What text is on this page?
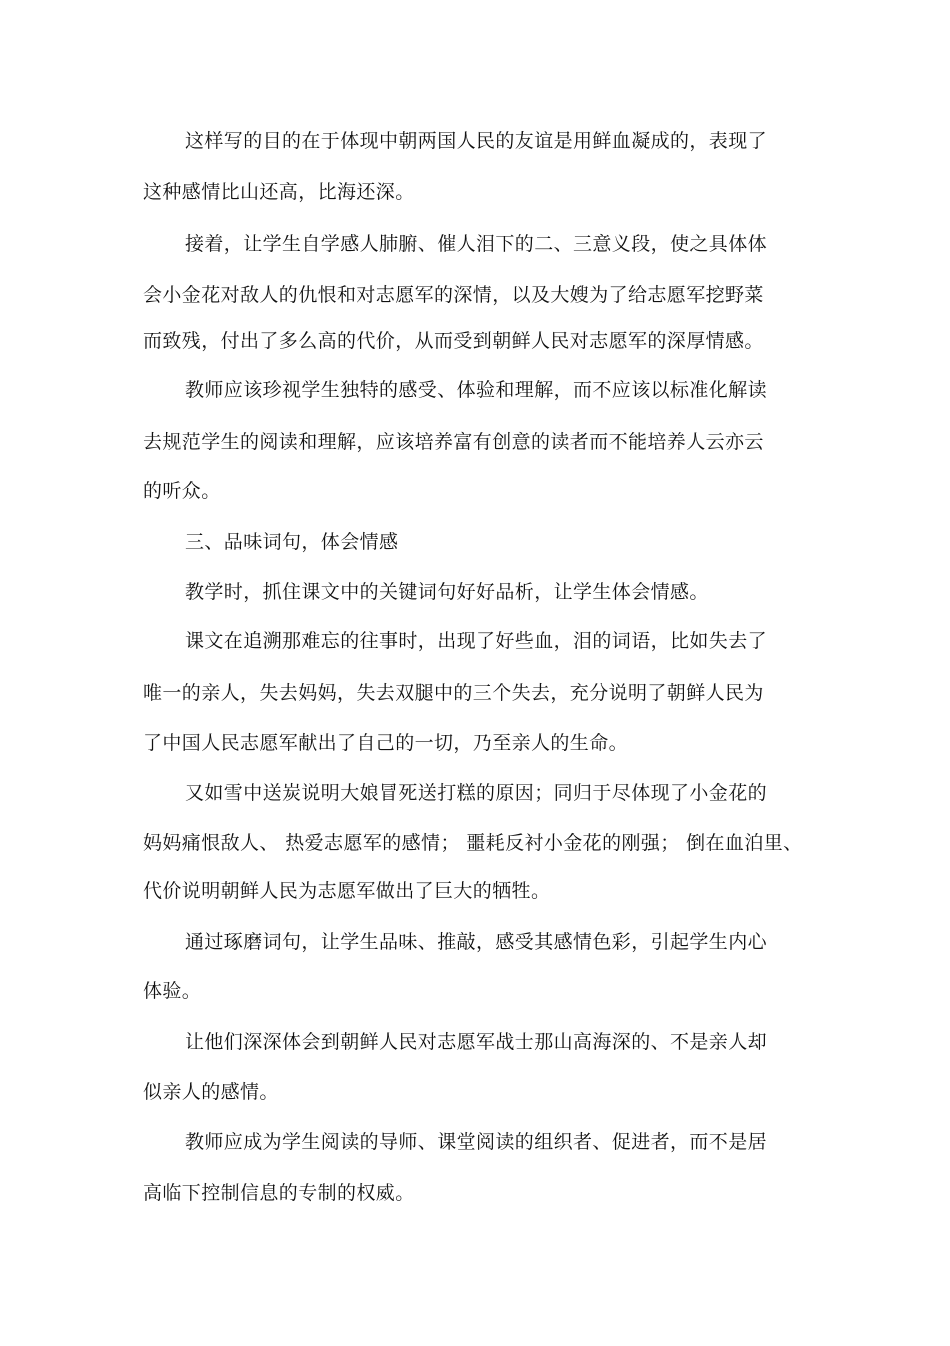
这样写的目的在于体现中朝两国人民的友谊是用鲜血凝成的，表现了
这种感情比山还高，比海还深。
接着，让学生自学感人肺腑、催人泪下的二、三意义段，使之具体体
会小金花对敌人的仇恨和对志愿军的深情，以及大嫂为了给志愿军挖野菜
而致残，付出了多么高的代价，从而受到朝鲜人民对志愿军的深厚情感。
教师应该珍视学生独特的感受、体验和理解，而不应该以标准化解读
去规范学生的阅读和理解，应该培养富有创意的读者而不能培养人云亦云
的听众。
三、品味词句，体会情感
教学时，抓住课文中的关键词句好好品析，让学生体会情感。
课文在追溯那难忘的往事时，出现了好些血，泪的词语，比如失去了
唯一的亲人，失去妈妈，失去双腿中的三个失去，充分说明了朝鲜人民为
了中国人民志愿军献出了自己的一切，乃至亲人的生命。
又如雪中送炭说明大娘冒死送打糕的原因；同归于尽体现了小金花的
妈妈痛恨敌人、 热爱志愿军的感情； 噩耗反衬小金花的刚强； 倒在血泊里、
代价说明朝鲜人民为志愿军做出了巨大的牺牲。
通过琢磨词句，让学生品味、推敲，感受其感情色彩，引起学生内心
体验。
让他们深深体会到朝鲜人民对志愿军战士那山高海深的、不是亲人却
似亲人的感情。
教师应成为学生阅读的导师、课堂阅读的组织者、促进者，而不是居
高临下控制信息的专制的权威。
